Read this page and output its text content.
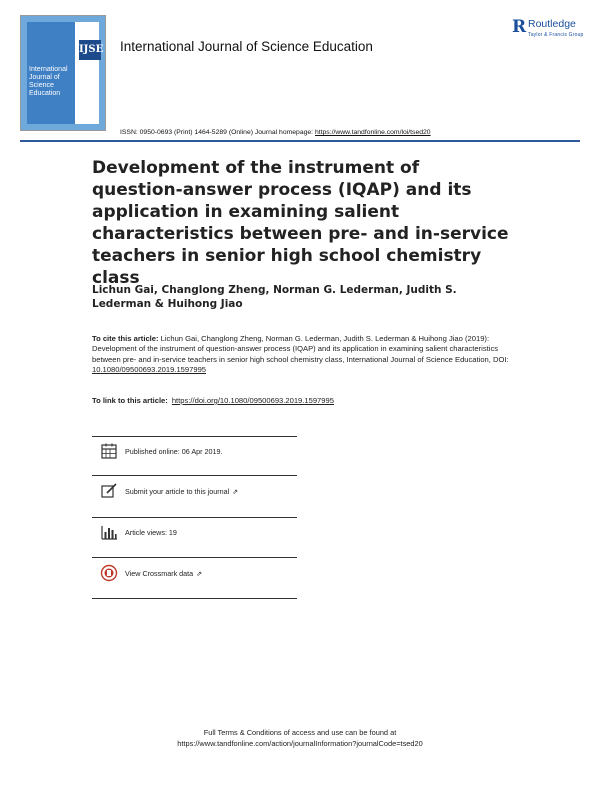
International
Journal of
Science
Education
IJSE International Journal of Science Education
R Routledge
Taylor & Francis Group
ISSN: 0950-0693 (Print) 1464-5289 (Online) Journal homepage: https://www.tandfonline.com/loi/tsed20
Development of the instrument of question-answer process (IQAP) and its application in examining salient characteristics between pre- and in-service teachers in senior high school chemistry class
Lichun Gai, Changlong Zheng, Norman G. Lederman, Judith S. Lederman & Huihong Jiao
To cite this article: Lichun Gai, Changlong Zheng, Norman G. Lederman, Judith S. Lederman & Huihong Jiao (2019): Development of the instrument of question-answer process (IQAP) and its application in examining salient characteristics between pre- and in-service teachers in senior high school chemistry class, International Journal of Science Education, DOI: 10.1080/09500693.2019.1597995
To link to this article: https://doi.org/10.1080/09500693.2019.1597995
Published online: 06 Apr 2019.
Submit your article to this journal ⇗
Article views: 19
View Crossmark data ⇗
Full Terms & Conditions of access and use can be found at
https://www.tandfonline.com/action/journalInformation?journalCode=tsed20
